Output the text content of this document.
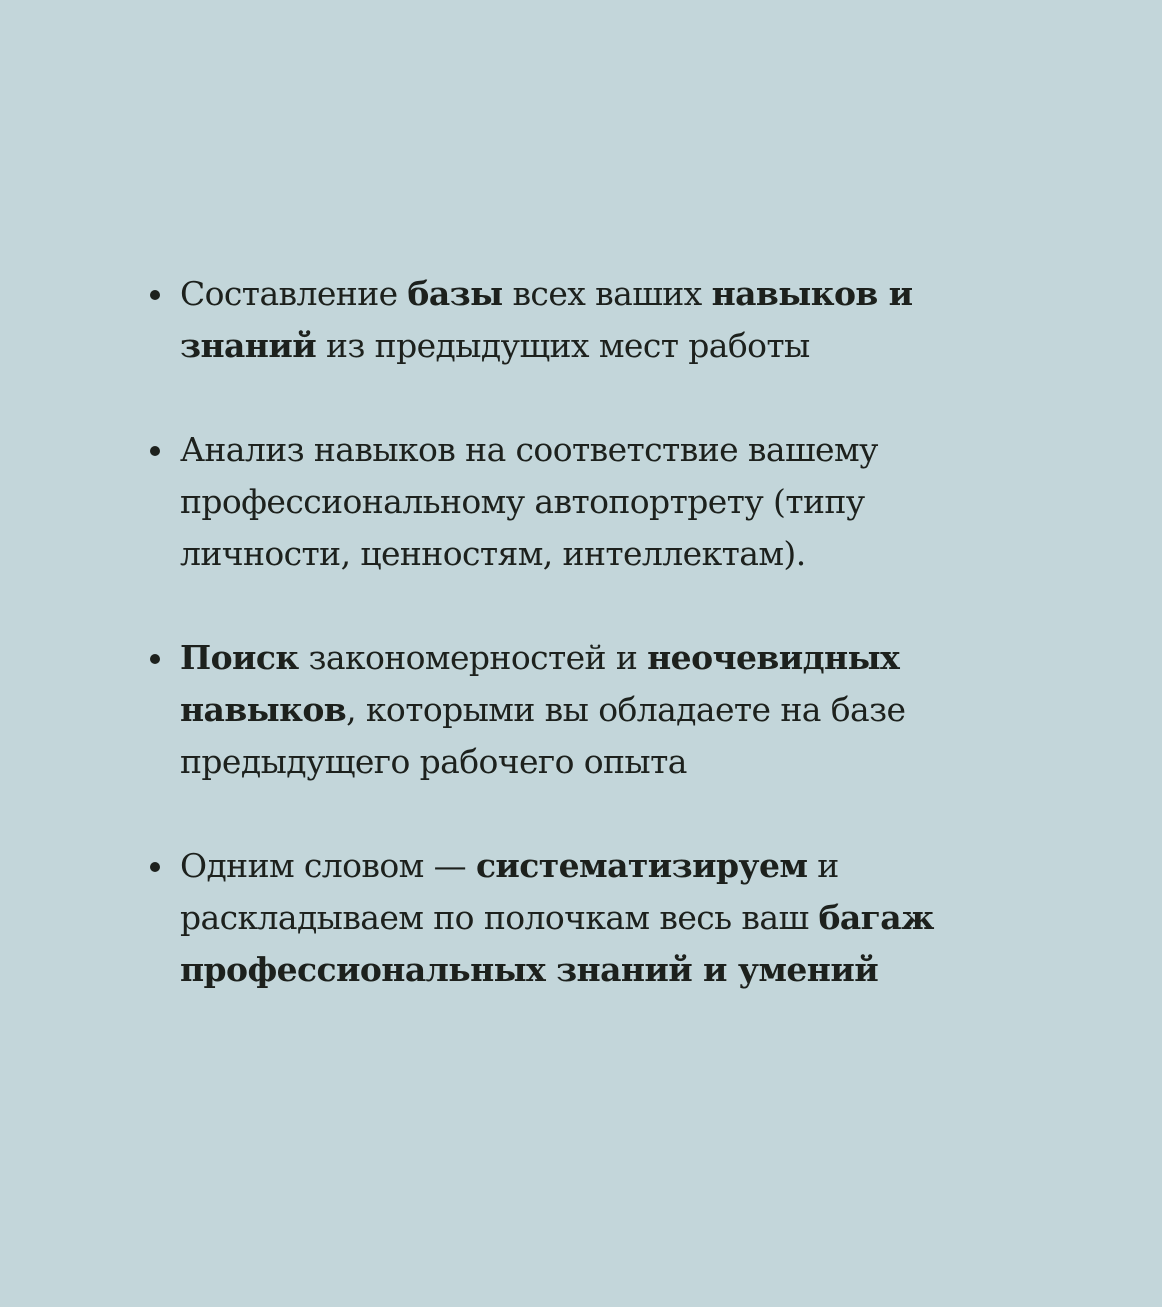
Составление базы всех ваших навыков и знаний из предыдущих мест работы
Анализ навыков на соответствие вашему профессиональному автопортрету (типу личности, ценностям, интеллектам).
Поиск закономерностей и неочевидных навыков, которыми вы обладаете на базе предыдущего рабочего опыта
Одним словом — систематизируем и раскладываем по полочкам весь ваш багаж профессиональных знаний и умений
